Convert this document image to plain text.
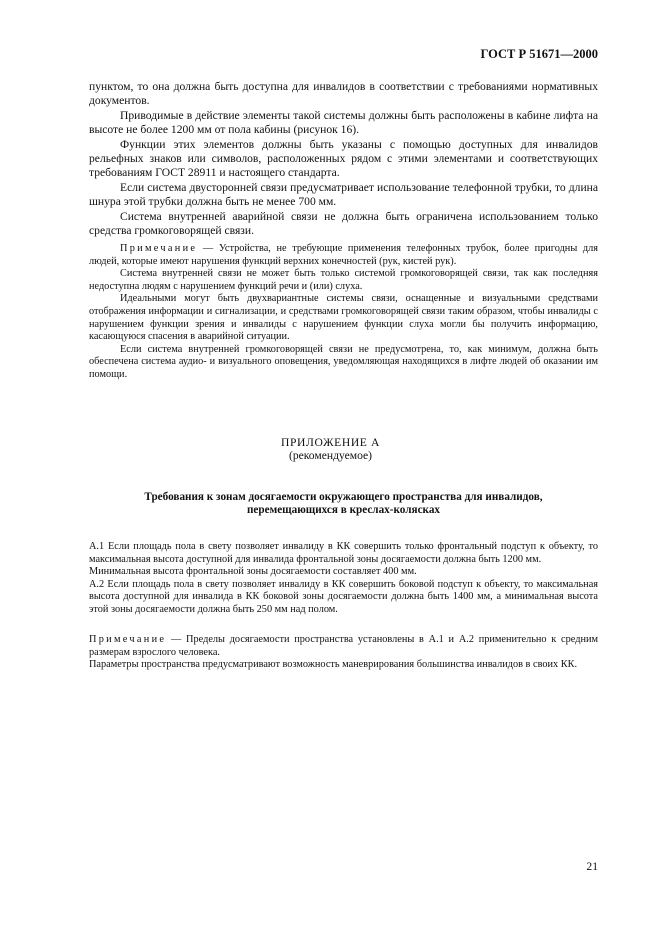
ГОСТ Р 51671—2000

пунктом, то она должна быть доступна для инвалидов в соответствии с требованиями нормативных документов.

Приводимые в действие элементы такой системы должны быть расположены в кабине лифта на высоте не более 1200 мм от пола кабины (рисунок 16).

Функции этих элементов должны быть указаны с помощью доступных для инвалидов рельефных знаков или символов, расположенных рядом с этими элементами и соответствующих требованиям ГОСТ 28911 и настоящего стандарта.

Если система двусторонней связи предусматривает использование телефонной трубки, то длина шнура этой трубки должна быть не менее 700 мм.

Система внутренней аварийной связи не должна быть ограничена использованием только средства громкоговорящей связи.

Примечание — Устройства, не требующие применения телефонных трубок, более пригодны для людей, которые имеют нарушения функций верхних конечностей (рук, кистей рук).

Система внутренней связи не может быть только системой громкоговорящей связи, так как последняя недоступна людям с нарушением функций речи и (или) слуха.

Идеальными могут быть двухвариантные системы связи, оснащенные и визуальными средствами отображения информации и сигнализации, и средствами громкоговорящей связи таким образом, чтобы инвалиды с нарушением функции зрения и инвалиды с нарушением функции слуха могли бы получить информацию, касающуюся спасения в аварийной ситуации.

Если система внутренней громкоговорящей связи не предусмотрена, то, как минимум, должна быть обеспечена система аудио- и визуального оповещения, уведомляющая находящихся в лифте людей об оказании им помощи.

ПРИЛОЖЕНИЕ А
(рекомендуемое)
Требования к зонам досягаемости окружающего пространства для инвалидов,
перемещающихся в креслах-колясках

А.1 Если площадь пола в свету позволяет инвалиду в КК совершить только фронтальный подступ к объекту, то максимальная высота доступной для инвалида фронтальной зоны досягаемости должна быть 1200 мм.

Минимальная высота фронтальной зоны досягаемости составляет 400 мм.

А.2 Если площадь пола в свету позволяет инвалиду в КК совершить боковой подступ к объекту, то максимальная высота доступной для инвалида в КК боковой зоны досягаемости должна быть 1400 мм, а минимальная высота этой зоны досягаемости должна быть 250 мм над полом.

Примечание — Пределы досягаемости пространства установлены в А.1 и А.2 применительно к средним размерам взрослого человека.

Параметры пространства предусматривают возможность маневрирования большинства инвалидов в своих КК.

21
